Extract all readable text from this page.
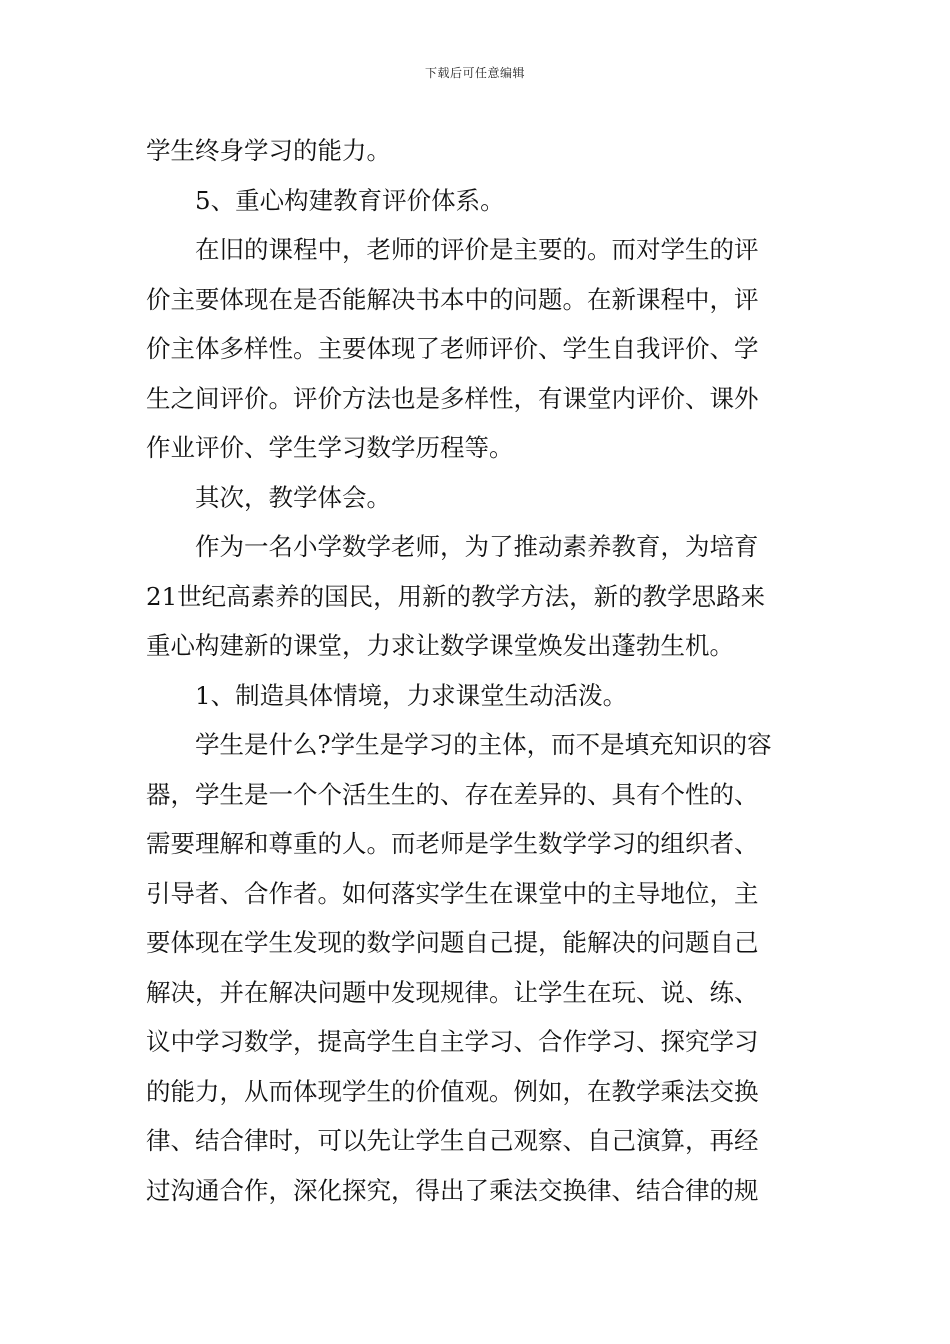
下载后可任意编辑
学生终身学习的能力。
5、重心构建教育评价体系。
在旧的课程中，老师的评价是主要的。而对学生的评
价主要体现在是否能解决书本中的问题。在新课程中，评
价主体多样性。主要体现了老师评价、学生自我评价、学
生之间评价。评价方法也是多样性，有课堂内评价、课外
作业评价、学生学习数学历程等。
其次，教学体会。
作为一名小学数学老师，为了推动素养教育，为培育
21世纪高素养的国民，用新的教学方法，新的教学思路来
重心构建新的课堂，力求让数学课堂焕发出蓬勃生机。
1、制造具体情境，力求课堂生动活泼。
学生是什么?学生是学习的主体，而不是填充知识的容
器，学生是一个个活生生的、存在差异的、具有个性的、
需要理解和尊重的人。而老师是学生数学学习的组织者、
引导者、合作者。如何落实学生在课堂中的主导地位，主
要体现在学生发现的数学问题自己提，能解决的问题自己
解决，并在解决问题中发现规律。让学生在玩、说、练、
议中学习数学，提高学生自主学习、合作学习、探究学习
的能力，从而体现学生的价值观。例如，在教学乘法交换
律、结合律时，可以先让学生自己观察、自己演算，再经
过沟通合作，深化探究，得出了乘法交换律、结合律的规
